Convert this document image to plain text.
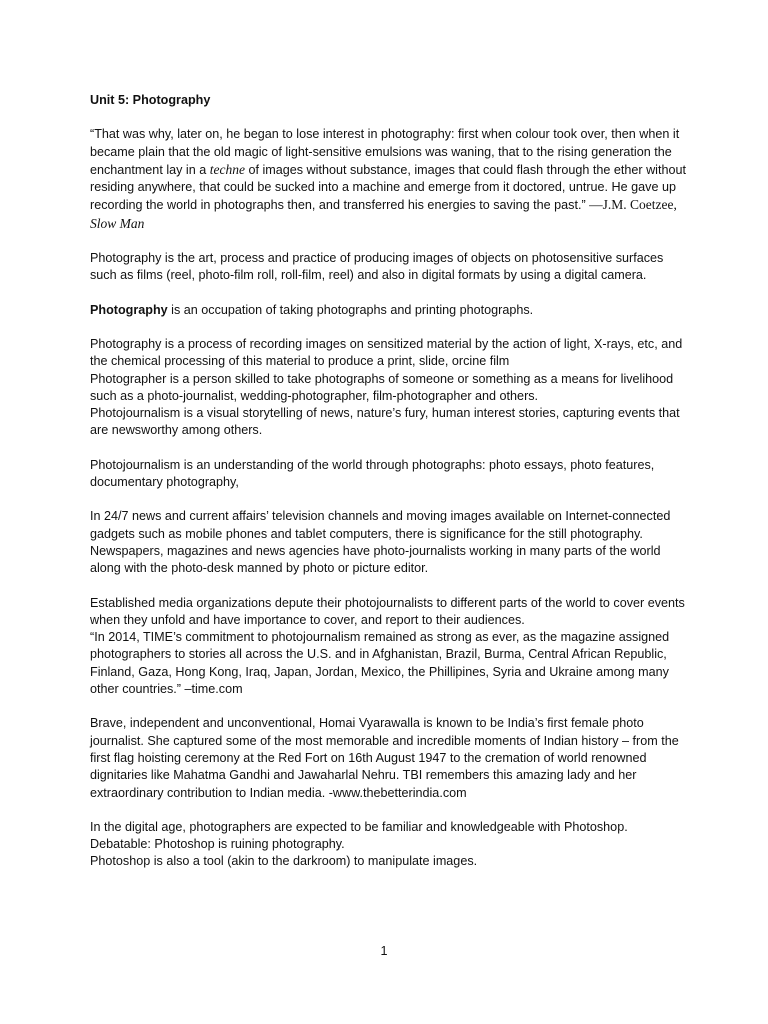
Unit 5: Photography

“That was why, later on, he began to lose interest in photography: first when colour took over, then when it became plain that the old magic of light-sensitive emulsions was waning, that to the rising generation the enchantment lay in a techne of images without substance, images that could flash through the ether without residing anywhere, that could be sucked into a machine and emerge from it doctored, untrue. He gave up recording the world in photographs then, and transferred his energies to saving the past.” —J.M. Coetzee, Slow Man

Photography is the art, process and practice of producing images of objects on photosensitive surfaces such as films (reel, photo-film roll, roll-film, reel) and also in digital formats by using a digital camera.

Photography is an occupation of taking photographs and printing photographs.

Photography is a process of recording images on sensitized material by the action of light, X-rays, etc, and the chemical processing of this material to produce a print, slide, orcine film

Photographer is a person skilled to take photographs of someone or something as a means for livelihood such as a photo-journalist, wedding-photographer, film-photographer and others.

Photojournalism is a visual storytelling of news, nature’s fury, human interest stories, capturing events that are newsworthy among others.

Photojournalism is an understanding of the world through photographs: photo essays, photo features, documentary photography,

In 24/7 news and current affairs’ television channels and moving images available on Internet-connected gadgets such as mobile phones and tablet computers, there is significance for the still photography.

Newspapers, magazines and news agencies have photo-journalists working in many parts of the world along with the photo-desk manned by photo or picture editor.

Established media organizations depute their photojournalists to different parts of the world to cover events when they unfold and have importance to cover, and report to their audiences.

“In 2014, TIME’s commitment to photojournalism remained as strong as ever, as the magazine assigned photographers to stories all across the U.S. and in Afghanistan, Brazil, Burma, Central African Republic, Finland, Gaza, Hong Kong, Iraq, Japan, Jordan, Mexico, the Phillipines, Syria and Ukraine among many other countries.” –time.com

Brave, independent and unconventional, Homai Vyarawalla is known to be India’s first female photo journalist. She captured some of the most memorable and incredible moments of Indian history – from the first flag hoisting ceremony at the Red Fort on 16th August 1947 to the cremation of world renowned dignitaries like Mahatma Gandhi and Jawaharlal Nehru. TBI remembers this amazing lady and her extraordinary contribution to Indian media. -www.thebetterindia.com

In the digital age, photographers are expected to be familiar and knowledgeable with Photoshop.

Debatable: Photoshop is ruining photography.

Photoshop is also a tool (akin to the darkroom) to manipulate images.

1
